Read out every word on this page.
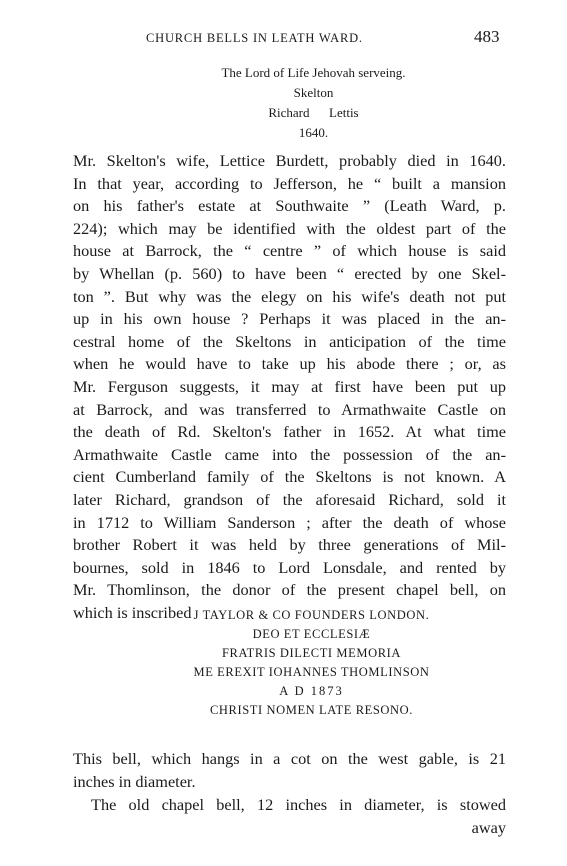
CHURCH BELLS IN LEATH WARD.	483
The Lord of Life Jehovah serveing.
Skelton
Richard      Lettis
1640.
Mr. Skelton's wife, Lettice Burdett, probably died in 1640.
In that year, according to Jefferson, he “ built a mansion
on his father's estate at Southwaite ” (Leath Ward, p.
224); which may be identified with the oldest part of the
house at Barrock, the “ centre ” of which house is said
by Whellan (p. 560) to have been “ erected by one Skel-
ton ”. But why was the elegy on his wife's death not put
up in his own house ? Perhaps it was placed in the an-
cestral home of the Skeltons in anticipation of the time
when he would have to take up his abode there ; or, as
Mr. Ferguson suggests, it may at first have been put up
at Barrock, and was transferred to Armathwaite Castle on
the death of Rd. Skelton's father in 1652. At what time
Armathwaite Castle came into the possession of the an-
cient Cumberland family of the Skeltons is not known. A
later Richard, grandson of the aforesaid Richard, sold it
in 1712 to William Sanderson ; after the death of whose
brother Robert it was held by three generations of Mil-
bournes, sold in 1846 to Lord Lonsdale, and rented by
Mr. Thomlinson, the donor of the present chapel bell, on
which is inscribed J TAYLOR & CO FOUNDERS LONDON.
DEO ET ECCLESIÆ
FRATRIS DILECTI MEMORIA
ME EREXIT IOHANNES THOMLINSON
A D 1873
CHRISTI NOMEN LATE RESONO.
This bell, which hangs in a cot on the west gable, is 21
inches in diameter.
The old chapel bell, 12 inches in diameter, is stowed
away
